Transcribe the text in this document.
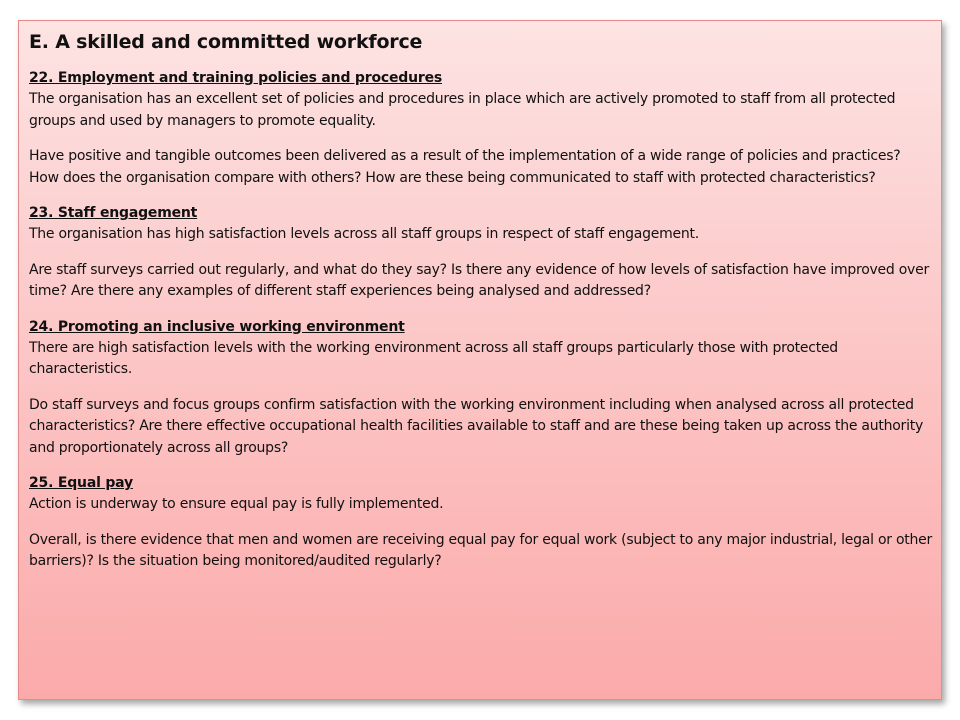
E. A skilled and committed workforce
22. Employment and training policies and procedures

The organisation has an excellent set of policies and procedures in place which are actively promoted to staff from all protected groups and used by managers to promote equality.

Have positive and tangible outcomes been delivered as a result of the implementation of a wide range of policies and practices? How does the organisation compare with others? How are these being communicated to staff with protected characteristics?

23. Staff engagement

The organisation has high satisfaction levels across all staff groups in respect of staff engagement.

Are staff surveys carried out regularly, and what do they say? Is there any evidence of how levels of satisfaction have improved over time? Are there any examples of different staff experiences being analysed and addressed?

24. Promoting an inclusive working environment

There are high satisfaction levels with the working environment across all staff groups particularly those with protected characteristics.

Do staff surveys and focus groups confirm satisfaction with the working environment including when analysed across all protected characteristics? Are there effective occupational health facilities available to staff and are these being taken up across the authority and proportionately across all groups?

25. Equal pay

Action is underway to ensure equal pay is fully implemented.

Overall, is there evidence that men and women are receiving equal pay for equal work (subject to any major industrial, legal or other barriers)? Is the situation being monitored/audited regularly?
